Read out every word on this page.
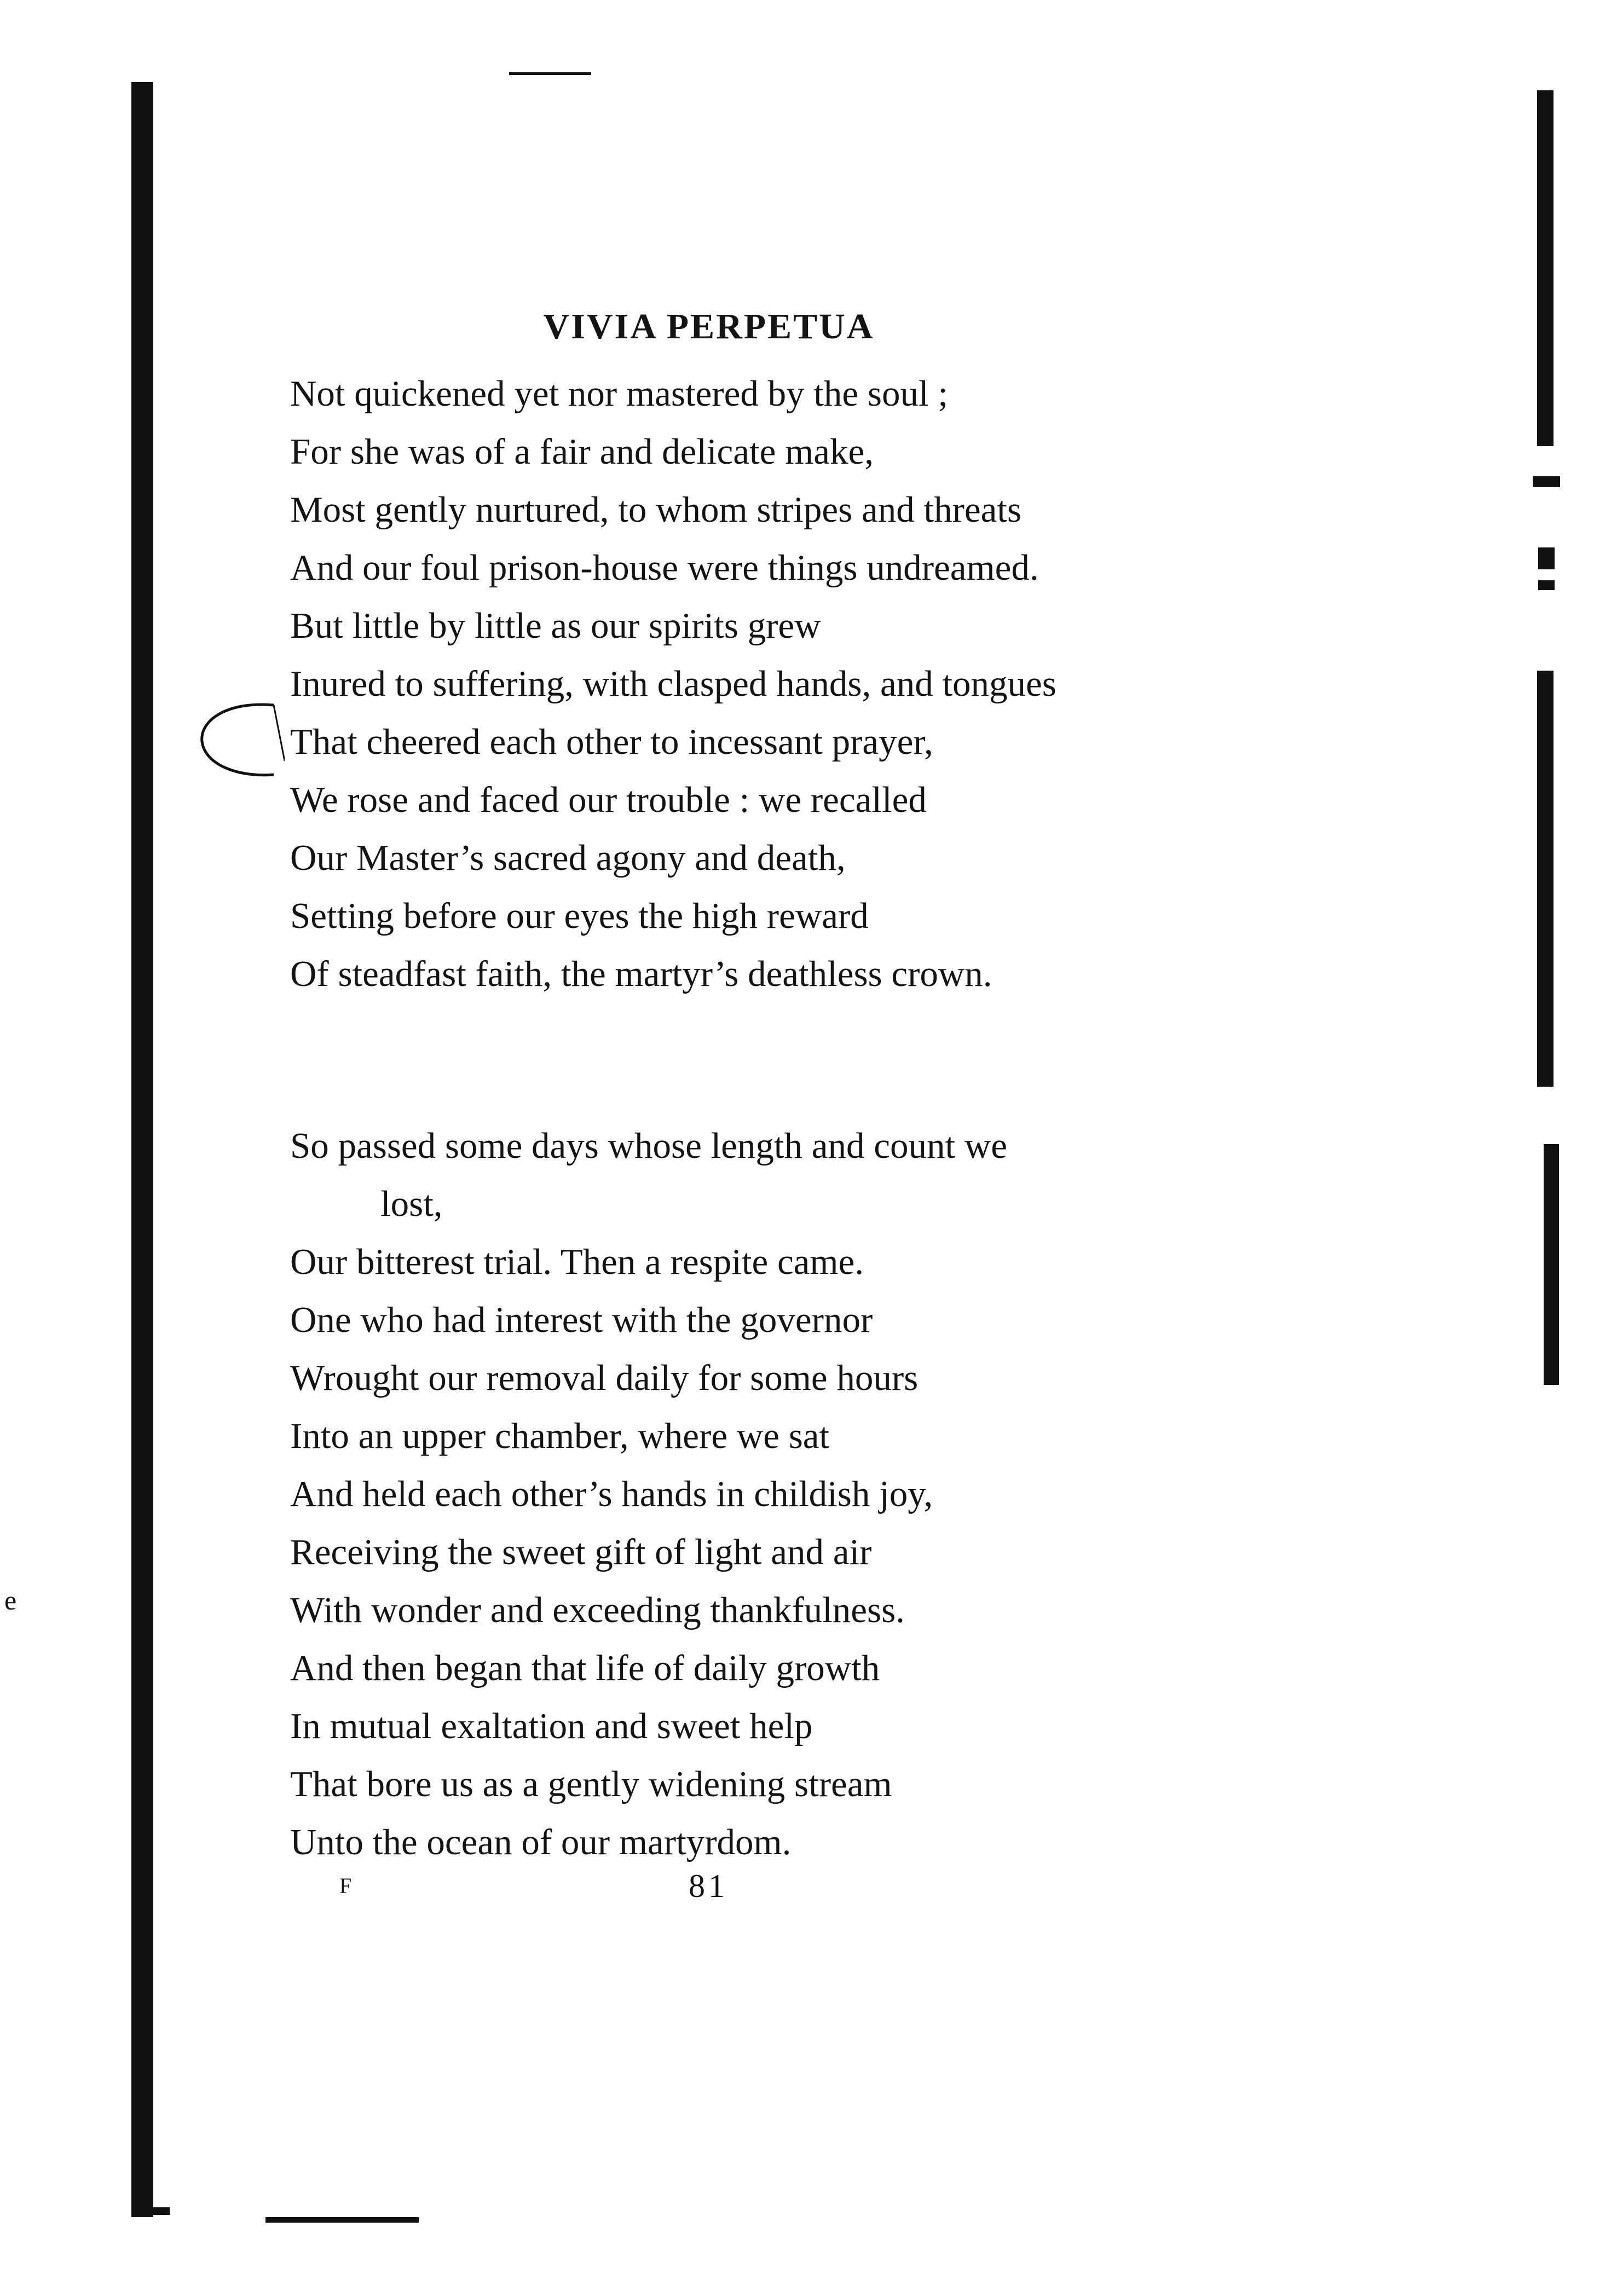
VIVIA PERPETUA
Not quickened yet nor mastered by the soul ;
For she was of a fair and delicate make,
Most gently nurtured, to whom stripes and threats
And our foul prison-house were things undreamed.
But little by little as our spirits grew
Inured to suffering, with clasped hands, and tongues
That cheered each other to incessant prayer,
We rose and faced our trouble : we recalled
Our Master’s sacred agony and death,
Setting before our eyes the high reward
Of steadfast faith, the martyr’s deathless crown.
So passed some days whose length and count we
lost,
Our bitterest trial. Then a respite came.
One who had interest with the governor
Wrought our removal daily for some hours
Into an upper chamber, where we sat
And held each other’s hands in childish joy,
Receiving the sweet gift of light and air
With wonder and exceeding thankfulness.
And then began that life of daily growth
In mutual exaltation and sweet help
That bore us as a gently widening stream
Unto the ocean of our martyrdom.
F	81
e
